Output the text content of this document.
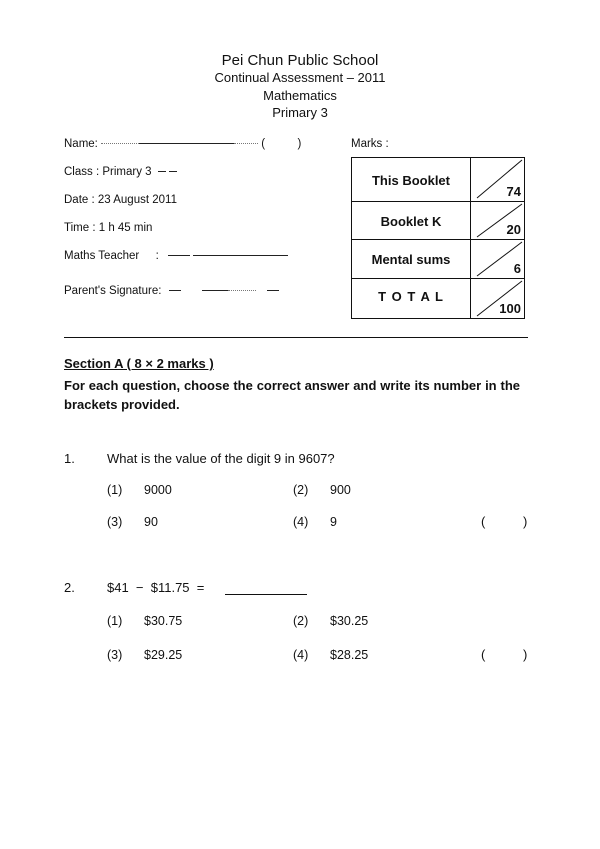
Pei Chun Public School
Continual Assessment – 2011
Mathematics
Primary 3
Name:	(	)	Marks :
Class : Primary 3
Date : 23 August 2011
Time : 1 h 45 min
Maths Teacher :
Parent's Signature:
This Booklet
74
Booklet K
20
Mental sums
6
T O T A L
100
Section A ( 8 × 2 marks )
For each question, choose the correct answer and write its number in the brackets provided.
1. What is the value of the digit 9 in 9607?
(1) 9000	(2) 900
(3) 90	(4) 9	(	)
2. $41  −  $11.75  =
(1) $30.75	(2) $30.25
(3) $29.25	(4) $28.25	(	)
